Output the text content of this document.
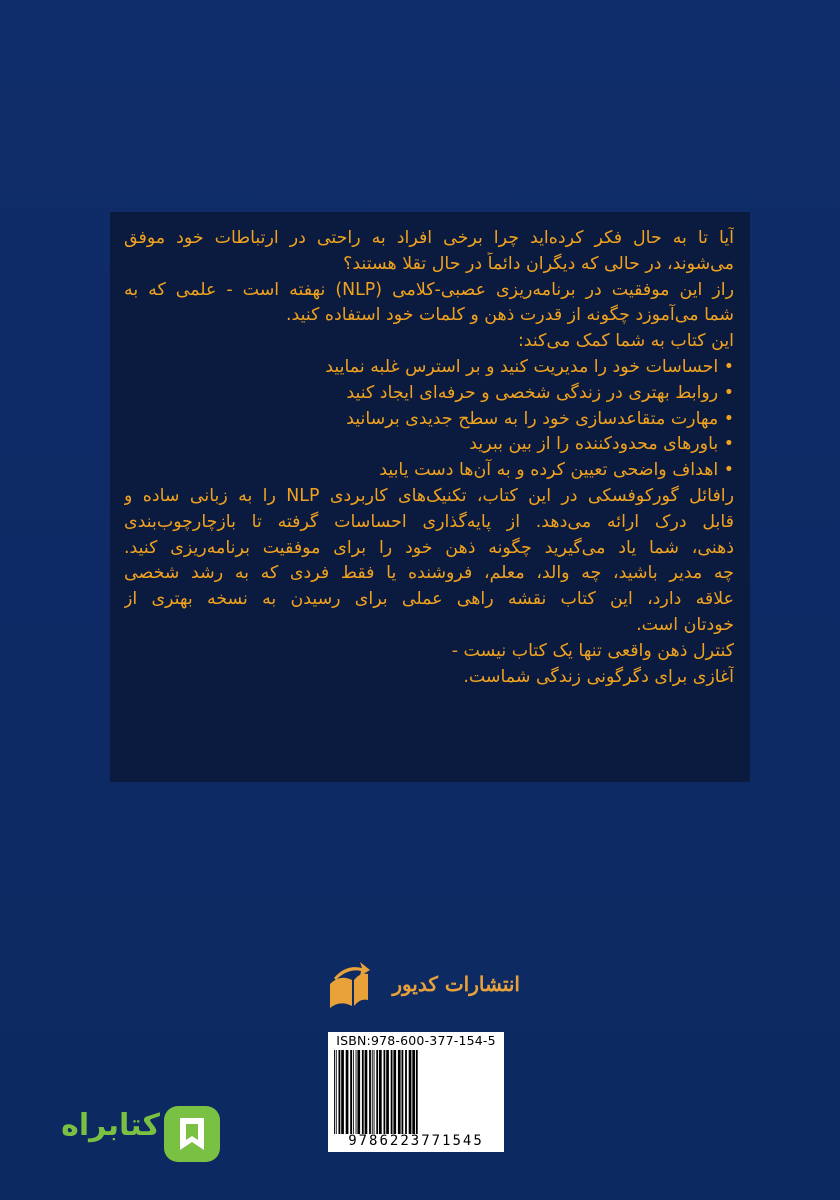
آیا تا به حال فکر کرده‌اید چرا برخی افراد به راحتی در ارتباطات خود موفق
می‌شوند، در حالی که دیگران دائماً در حال تقلا هستند؟
راز این موفقیت در برنامه‌ریزی عصبی-کلامی (NLP) نهفته است - علمی که به
شما می‌آموزد چگونه از قدرت ذهن و کلمات خود استفاده کنید.
این کتاب به شما کمک می‌کند:
• احساسات خود را مدیریت کنید و بر استرس غلبه نمایید
• روابط بهتری در زندگی شخصی و حرفه‌ای ایجاد کنید
• مهارت متقاعدسازی خود را به سطح جدیدی برسانید
• باورهای محدودکننده را از بین ببرید
• اهداف واضحی تعیین کرده و به آن‌ها دست یابید
رافائل گورکوفسکی در این کتاب، تکنیک‌های کاربردی NLP را به زبانی ساده و
قابل درک ارائه می‌دهد. از پایه‌گذاری احساسات گرفته تا بازچارچوب‌بندی
ذهنی، شما یاد می‌گیرید چگونه ذهن خود را برای موفقیت برنامه‌ریزی کنید.
چه مدیر باشید، چه والد، معلم، فروشنده یا فقط فردی که به رشد شخصی
علاقه دارد، این کتاب نقشه راهی عملی برای رسیدن به نسخه بهتری از
خودتان است.
کنترل ذهن واقعی تنها یک کتاب نیست -
آغازی برای دگرگونی زندگی شماست.
انتشارات کدیور
ISBN:978-600-377-154-5
9786223771545
کتابراه
